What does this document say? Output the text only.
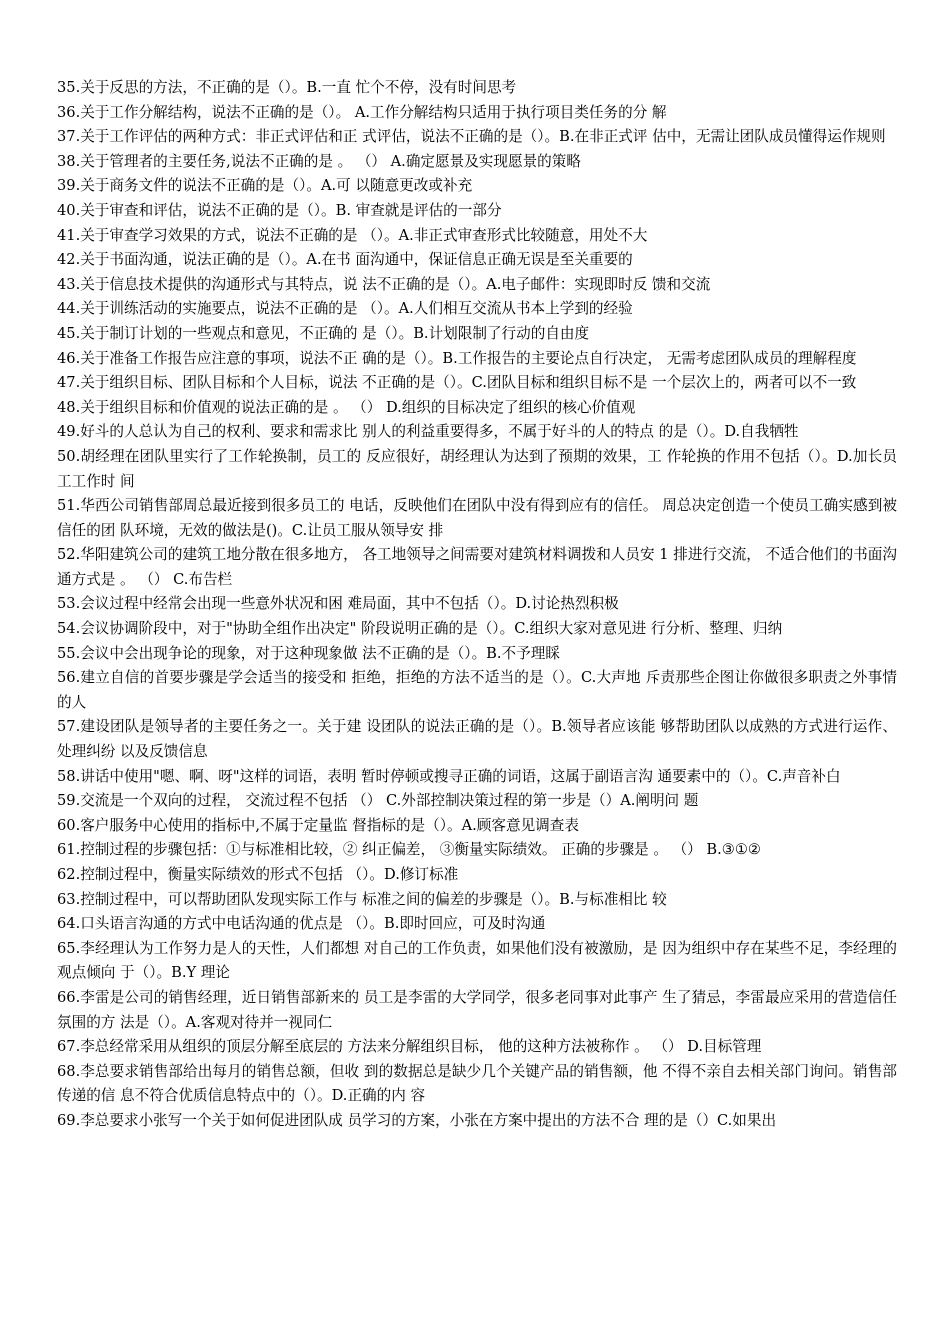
35.关于反思的方法，不正确的是（）。B.一直 忙个不停，没有时间思考

36.关于工作分解结构，说法不正确的是（）。 A.工作分解结构只适用于执行项目类任务的分 解

37.关于工作评估的两种方式：非正式评估和正 式评估，说法不正确的是（）。B.在非正式评 估中，无需让团队成员懂得运作规则

38.关于管理者的主要任务,说法不正确的是 。 （） A.确定愿景及实现愿景的策略

39.关于商务文件的说法不正确的是（）。A.可 以随意更改或补充

40.关于审查和评估，说法不正确的是（）。B. 审查就是评估的一部分

41.关于审查学习效果的方式，说法不正确的是 （）。A.非正式审查形式比较随意，用处不大

42.关于书面沟通，说法正确的是（）。A.在书 面沟通中，保证信息正确无误是至关重要的

43.关于信息技术提供的沟通形式与其特点，说 法不正确的是（）。A.电子邮件：实现即时反 馈和交流

44.关于训练活动的实施要点，说法不正确的是 （）。A.人们相互交流从书本上学到的经验

45.关于制订计划的一些观点和意见，不正确的 是（）。B.计划限制了行动的自由度

46.关于准备工作报告应注意的事项，说法不正 确的是（）。B.工作报告的主要论点自行决定， 无需考虑团队成员的理解程度

47.关于组织目标、团队目标和个人目标，说法 不正确的是（）。C.团队目标和组织目标不是 一个层次上的，两者可以不一致

48.关于组织目标和价值观的说法正确的是 。 （） D.组织的目标决定了组织的核心价值观

49.好斗的人总认为自己的权利、要求和需求比 别人的利益重要得多，不属于好斗的人的特点 的是（）。D.自我牺牲

50.胡经理在团队里实行了工作轮换制，员工的 反应很好，胡经理认为达到了预期的效果，工 作轮换的作用不包括（）。D.加长员工工作时 间

51.华西公司销售部周总最近接到很多员工的 电话，反映他们在团队中没有得到应有的信任。 周总决定创造一个使员工确实感到被信任的团 队环境，无效的做法是()。C.让员工服从领导安 排

52.华阳建筑公司的建筑工地分散在很多地方， 各工地领导之间需要对建筑材料调拨和人员安 1 排进行交流， 不适合他们的书面沟通方式是 。 （） C.布告栏

53.会议过程中经常会出现一些意外状况和困 难局面，其中不包括（）。D.讨论热烈积极

54.会议协调阶段中，对于"协助全组作出决定" 阶段说明正确的是（）。C.组织大家对意见进 行分析、整理、归纳

55.会议中会出现争论的现象，对于这种现象做 法不正确的是（）。B.不予理睬

56.建立自信的首要步骤是学会适当的接受和 拒绝，拒绝的方法不适当的是（）。C.大声地 斥责那些企图让你做很多职责之外事情的人

57.建设团队是领导者的主要任务之一。关于建 设团队的说法正确的是（）。B.领导者应该能 够帮助团队以成熟的方式进行运作、处理纠纷 以及反馈信息

58.讲话中使用"嗯、啊、呀"这样的词语，表明 暂时停顿或搜寻正确的词语，这属于副语言沟 通要素中的（）。C.声音补白

59.交流是一个双向的过程， 交流过程不包括 （） C.外部控制决策过程的第一步是（）A.阐明问 题

60.客户服务中心使用的指标中,不属于定量监 督指标的是（）。A.顾客意见调查表

61.控制过程的步骤包括：①与标准相比较，② 纠正偏差， ③衡量实际绩效。 正确的步骤是 。 （） B.③①②

62.控制过程中，衡量实际绩效的形式不包括 （）。D.修订标准

63.控制过程中，可以帮助团队发现实际工作与 标准之间的偏差的步骤是（）。B.与标准相比 较

64.口头语言沟通的方式中电话沟通的优点是 （）。B.即时回应，可及时沟通

65.李经理认为工作努力是人的天性，人们都想 对自己的工作负责，如果他们没有被激励，是 因为组织中存在某些不足，李经理的观点倾向 于（）。B.Y 理论

66.李雷是公司的销售经理，近日销售部新来的 员工是李雷的大学同学，很多老同事对此事产 生了猜忌，李雷最应采用的营造信任氛围的方 法是（）。A.客观对待并一视同仁

67.李总经常采用从组织的顶层分解至底层的 方法来分解组织目标， 他的这种方法被称作 。 （） D.目标管理

68.李总要求销售部给出每月的销售总额，但收 到的数据总是缺少几个关键产品的销售额，他 不得不亲自去相关部门询问。销售部传递的信 息不符合优质信息特点中的（）。D.正确的内 容

69.李总要求小张写一个关于如何促进团队成 员学习的方案，小张在方案中提出的方法不合 理的是（）C.如果出
